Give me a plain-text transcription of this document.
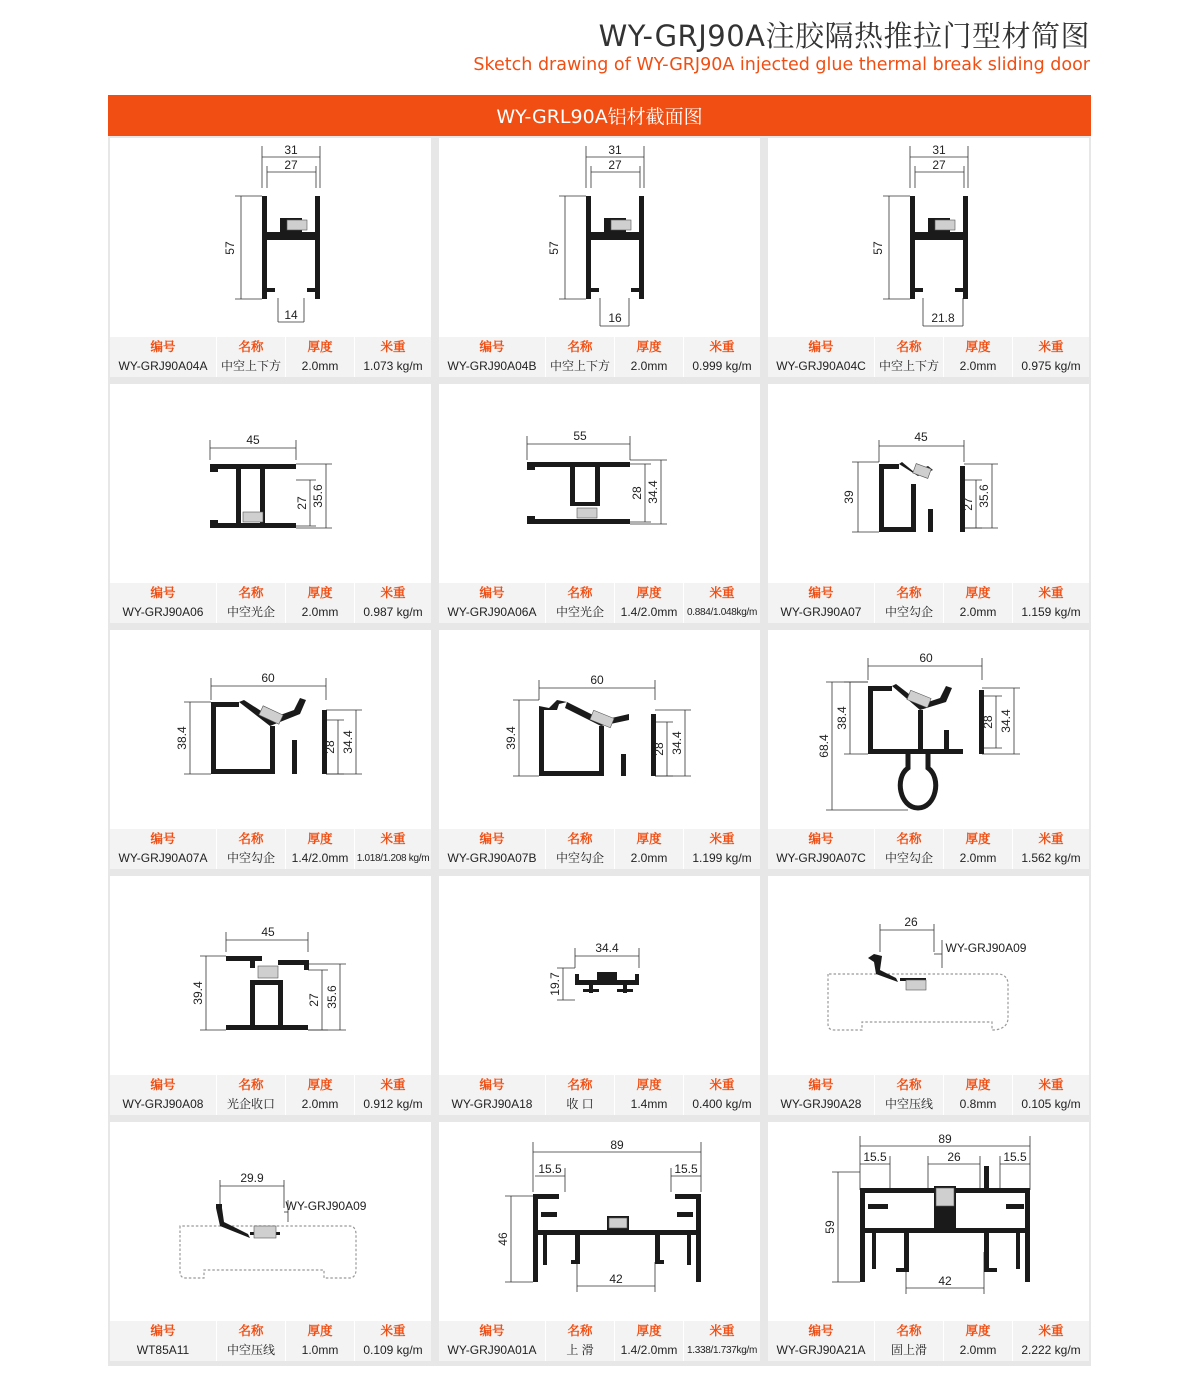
WY-GRJ90A注胶隔热推拉门型材简图
Sketch drawing of WY-GRJ90A injected glue thermal break sliding door
WY-GRL90A铝材截面图
31
27
57
14
编号
WY-GRJ90A04A
名称
中空上下方
厚度
2.0mm
米重
1.073 kg/m
31
27
57
16
编号
WY-GRJ90A04B
名称
中空上下方
厚度
2.0mm
米重
0.999 kg/m
31
27
57
21.8
编号
WY-GRJ90A04C
名称
中空上下方
厚度
2.0mm
米重
0.975 kg/m
45
27 35.6
编号
WY-GRJ90A06
名称
中空光企
厚度
2.0mm
米重
0.987 kg/m
55
28 34.4
编号
WY-GRJ90A06A
名称
中空光企
厚度
1.4/2.0mm
米重
0.884/1.048kg/m
45
39
27 35.6
编号
WY-GRJ90A07
名称
中空勾企
厚度
2.0mm
米重
1.159 kg/m
60
38.4	28 34.4
编号
WY-GRJ90A07A
名称
中空勾企
厚度
1.4/2.0mm
米重
1.018/1.208 kg/m
60
39.4	28 34.4
编号
WY-GRJ90A07B
名称
中空勾企
厚度
2.0mm
米重
1.199 kg/m
60
38.4
68.4
28 34.4
编号
WY-GRJ90A07C
名称
中空勾企
厚度
2.0mm
米重
1.562 kg/m
45
39.4	27 35.6
编号
WY-GRJ90A08
名称
光企收口
厚度
2.0mm
米重
0.912 kg/m
34.4
19.7
编号
WY-GRJ90A18
名称
收 口
厚度
1.4mm
米重
0.400 kg/m
26
WY-GRJ90A09
编号
WY-GRJ90A28
名称
中空压线
厚度
0.8mm
米重
0.105 kg/m
29.9
WY-GRJ90A09
编号
WT85A11
名称
中空压线
厚度
1.0mm
米重
0.109 kg/m
89
15.5	15.5
46
42
编号
WY-GRJ90A01A
名称
上 滑
厚度
1.4/2.0mm
米重
1.338/1.737kg/m
89
15.5	26	15.5
59
42
编号
WY-GRJ90A21A
名称
固上滑
厚度
2.0mm
米重
2.222 kg/m
